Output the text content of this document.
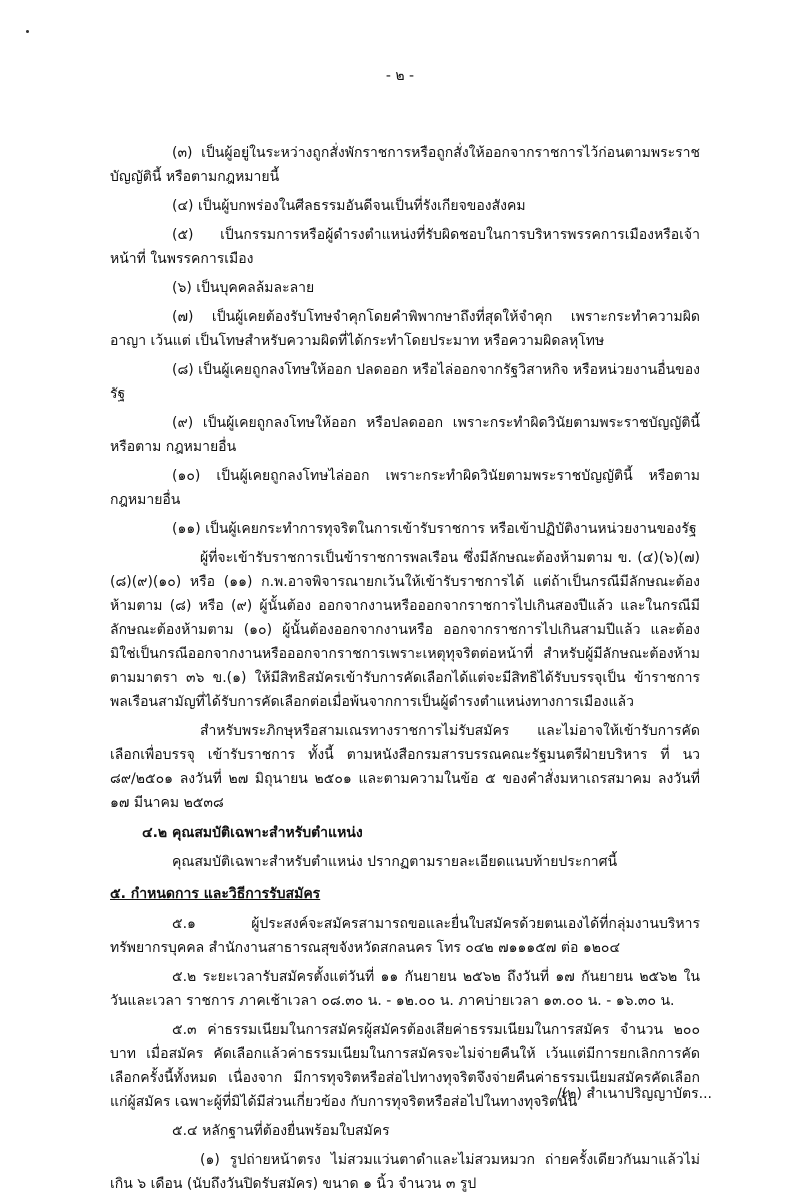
- ๒ -

(๓) เป็นผู้อยู่ในระหว่างถูกสั่งพักราชการหรือถูกสั่งให้ออกจากราชการไว้ก่อนตามพระราชบัญญัตินี้ หรือตามกฎหมายนี้

(๔) เป็นผู้บกพร่องในศีลธรรมอันดีจนเป็นที่รังเกียจของสังคม

(๕) เป็นกรรมการหรือผู้ดำรงตำแหน่งที่รับผิดชอบในการบริหารพรรคการเมืองหรือเจ้าหน้าที่ ในพรรคการเมือง

(๖) เป็นบุคคลล้มละลาย

(๗) เป็นผู้เคยต้องรับโทษจำคุกโดยคำพิพากษาถึงที่สุดให้จำคุก เพราะกระทำความผิดอาญา เว้นแต่ เป็นโทษสำหรับความผิดที่ได้กระทำโดยประมาท หรือความผิดลหุโทษ

(๘) เป็นผู้เคยถูกลงโทษให้ออก ปลดออก หรือไล่ออกจากรัฐวิสาหกิจ หรือหน่วยงานอื่นของรัฐ

(๙) เป็นผู้เคยถูกลงโทษให้ออก หรือปลดออก เพราะกระทำผิดวินัยตามพระราชบัญญัตินี้ หรือตาม กฎหมายอื่น

(๑๐) เป็นผู้เคยถูกลงโทษไล่ออก เพราะกระทำผิดวินัยตามพระราชบัญญัตินี้ หรือตามกฎหมายอื่น

(๑๑) เป็นผู้เคยกระทำการทุจริตในการเข้ารับราชการ หรือเข้าปฏิบัติงานหน่วยงานของรัฐ

ผู้ที่จะเข้ารับราชการเป็นข้าราชการพลเรือน ซึ่งมีลักษณะต้องห้ามตาม ข. (๔)(๖)(๗)(๘)(๙)(๑๐) หรือ (๑๑) ก.พ.อาจพิจารณายกเว้นให้เข้ารับราชการได้ แต่ถ้าเป็นกรณีมีลักษณะต้องห้ามตาม (๘) หรือ (๙) ผู้นั้นต้อง ออกจากงานหรือออกจากราชการไปเกินสองปีแล้ว และในกรณีมีลักษณะต้องห้ามตาม (๑๐) ผู้นั้นต้องออกจากงานหรือ ออกจากราชการไปเกินสามปีแล้ว และต้องมิใช่เป็นกรณีออกจากงานหรือออกจากราชการเพราะเหตุทุจริตต่อหน้าที่ สำหรับผู้มีลักษณะต้องห้ามตามมาตรา ๓๖ ข.(๑) ให้มีสิทธิสมัครเข้ารับการคัดเลือกได้แต่จะมีสิทธิได้รับบรรจุเป็น ข้าราชการพลเรือนสามัญที่ได้รับการคัดเลือกต่อเมื่อพ้นจากการเป็นผู้ดำรงตำแหน่งทางการเมืองแล้ว

สำหรับพระภิกษุหรือสามเณรทางราชการไม่รับสมัคร และไม่อาจให้เข้ารับการคัดเลือกเพื่อบรรจุ เข้ารับราชการ ทั้งนี้ ตามหนังสือกรมสารบรรณคณะรัฐมนตรีฝ่ายบริหาร ที่ นว ๘๙/๒๕๐๑ ลงวันที่ ๒๗ มิถุนายน ๒๕๐๑ และตามความในข้อ ๕ ของคำสั่งมหาเถรสมาคม ลงวันที่ ๑๗ มีนาคม ๒๕๓๘

๔.๒ คุณสมบัติเฉพาะสำหรับตำแหน่ง

คุณสมบัติเฉพาะสำหรับตำแหน่ง ปรากฏตามรายละเอียดแนบท้ายประกาศนี้

๕. กำหนดการ และวิธีการรับสมัคร

๕.๑ ผู้ประสงค์จะสมัครสามารถขอและยื่นใบสมัครด้วยตนเองได้ที่กลุ่มงานบริหารทรัพยากรบุคคล สำนักงานสาธารณสุขจังหวัดสกลนคร โทร ๐๔๒ ๗๑๑๑๕๗ ต่อ ๑๒๐๔

๕.๒ ระยะเวลารับสมัครตั้งแต่วันที่ ๑๑ กันยายน ๒๕๖๒ ถึงวันที่ ๑๗ กันยายน ๒๕๖๒ ในวันและเวลา ราชการ ภาคเช้าเวลา ๐๘.๓๐ น. - ๑๒.๐๐ น. ภาคบ่ายเวลา ๑๓.๐๐ น. - ๑๖.๓๐ น.

๕.๓ ค่าธรรมเนียมในการสมัครผู้สมัครต้องเสียค่าธรรมเนียมในการสมัคร จำนวน ๒๐๐ บาท เมื่อสมัคร คัดเลือกแล้วค่าธรรมเนียมในการสมัครจะไม่จ่ายคืนให้ เว้นแต่มีการยกเลิกการคัดเลือกครั้งนี้ทั้งหมด เนื่องจาก มีการทุจริตหรือส่อไปทางทุจริตจึงจ่ายคืนค่าธรรมเนียมสมัครคัดเลือกแก่ผู้สมัคร เฉพาะผู้ที่มิได้มีส่วนเกี่ยวข้อง กับการทุจริตหรือส่อไปในทางทุจริตนั้น

๕.๔ หลักฐานที่ต้องยื่นพร้อมใบสมัคร

(๑) รูปถ่ายหน้าตรง ไม่สวมแว่นตาดำและไม่สวมหมวก ถ่ายครั้งเดียวกันมาแล้วไม่เกิน ๖ เดือน (นับถึงวันปิดรับสมัคร) ขนาด ๑ นิ้ว จำนวน ๓ รูป

/(๒) สำเนาปริญญาบัตร...
